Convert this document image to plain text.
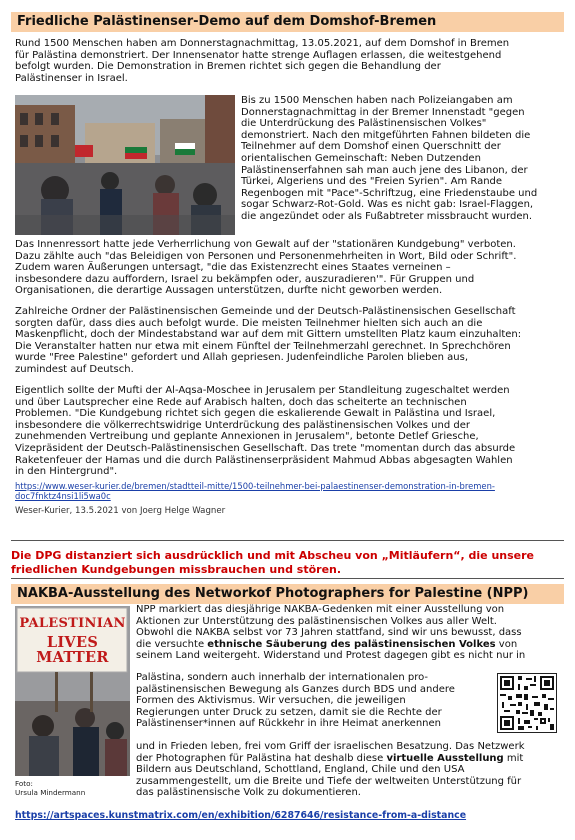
Friedliche Palästinenser-Demo auf dem Domshof-Bremen
Rund 1500 Menschen haben am Donnerstagnachmittag, 13.05.2021, auf dem Domshof in Bremen
für Palästina demonstriert. Der Innensenator hatte strenge Auflagen erlassen, die weitestgehend
befolgt wurden. Die Demonstration in Bremen richtet sich gegen die Behandlung der
Palästinenser in Israel.
Bis zu 1500 Menschen haben nach Polizeiangaben am
Donnerstagnachmittag in der Bremer Innenstadt "gegen
die Unterdrückung des Palästinensischen Volkes"
demonstriert. Nach den mitgeführten Fahnen bildeten die
Teilnehmer auf dem Domshof einen Querschnitt der
orientalischen Gemeinschaft: Neben Dutzenden
Palästinenserfahnen sah man auch jene des Libanon, der
Türkei, Algeriens und des "Freien Syrien". Am Rande
Regenbogen mit "Pace"-Schriftzug, eine Friedenstaube und
sogar Schwarz-Rot-Gold. Was es nicht gab: Israel-Flaggen,
die angezündet oder als Fußabtreter missbraucht wurden.
Das Innenressort hatte jede Verherrlichung von Gewalt auf der "stationären Kundgebung" verboten.
Dazu zählte auch "das Beleidigen von Personen und Personenmehrheiten in Wort, Bild oder Schrift".
Zudem waren Äußerungen untersagt, "die das Existenzrecht eines Staates verneinen –
insbesondere dazu auffordern, Israel zu bekämpfen oder, auszuradieren'". Für Gruppen und
Organisationen, die derartige Aussagen unterstützen, durfte nicht geworben werden.
Zahlreiche Ordner der Palästinensischen Gemeinde und der Deutsch-Palästinensischen Gesellschaft
sorgten dafür, dass dies auch befolgt wurde. Die meisten Teilnehmer hielten sich auch an die
Maskenpflicht, doch der Mindestabstand war auf dem mit Gittern umstellten Platz kaum einzuhalten:
Die Veranstalter hatten nur etwa mit einem Fünftel der Teilnehmerzahl gerechnet. In Sprechchören
wurde "Free Palestine" gefordert und Allah gepriesen. Judenfeindliche Parolen blieben aus,
zumindest auf Deutsch.
Eigentlich sollte der Mufti der Al-Aqsa-Moschee in Jerusalem per Standleitung zugeschaltet werden
und über Lautsprecher eine Rede auf Arabisch halten, doch das scheiterte an technischen
Problemen. "Die Kundgebung richtet sich gegen die eskalierende Gewalt in Palästina und Israel,
insbesondere die völkerrechtswidrige Unterdrückung des palästinensischen Volkes und der
zunehmenden Vertreibung und geplante Annexionen in Jerusalem", betonte Detlef Griesche,
Vizepräsident der Deutsch-Palästinensischen Gesellschaft. Das trete "momentan durch das absurde
Raketenfeuer der Hamas und die durch Palästinenserpräsident Mahmud Abbas abgesagten Wahlen
in den Hintergrund".
https://www.weser-kurier.de/bremen/stadtteil-mitte/1500-teilnehmer-bei-palaestinenser-demonstration-in-bremen-
doc7fnktz4nsi1li5wa0c
Weser-Kurier, 13.5.2021 von Joerg Helge Wagner
Die DPG distanziert sich ausdrücklich und mit Abscheu von „Mitläufern“, die unsere
friedlichen Kundgebungen missbrauchen und stören.
NAKBA-Ausstellung des Networkof Photographers for Palestine (NPP)
PALESTINIAN
LIVES MATTER
Foto:
Ursula Mindermann
NPP markiert das diesjährige NAKBA-Gedenken mit einer Ausstellung von
Aktionen zur Unterstützung des palästinensischen Volkes aus aller Welt.
Obwohl die NAKBA selbst vor 73 Jahren stattfand, sind wir uns bewusst, dass
die versuchte ethnische Säuberung des palästinensischen Volkes von
seinem Land weitergeht. Widerstand und Protest dagegen gibt es nicht nur in
Palästina, sondern auch innerhalb der internationalen pro-
palästinensischen Bewegung als Ganzes durch BDS und andere
Formen des Aktivismus. Wir versuchen, die jeweiligen
Regierungen unter Druck zu setzen, damit sie die Rechte der
Palästinenser*innen auf Rückkehr in ihre Heimat anerkennen
und in Frieden leben, frei vom Griff der israelischen Besatzung. Das Netzwerk
der Photographen für Palästina hat deshalb diese virtuelle Ausstellung mit
Bildern aus Deutschland, Schottland, England, Chile und den USA
zusammengestellt, um die Breite und Tiefe der weltweiten Unterstützung für
das palästinensische Volk zu dokumentieren.
https://artspaces.kunstmatrix.com/en/exhibition/6287646/resistance-from-a-distance
